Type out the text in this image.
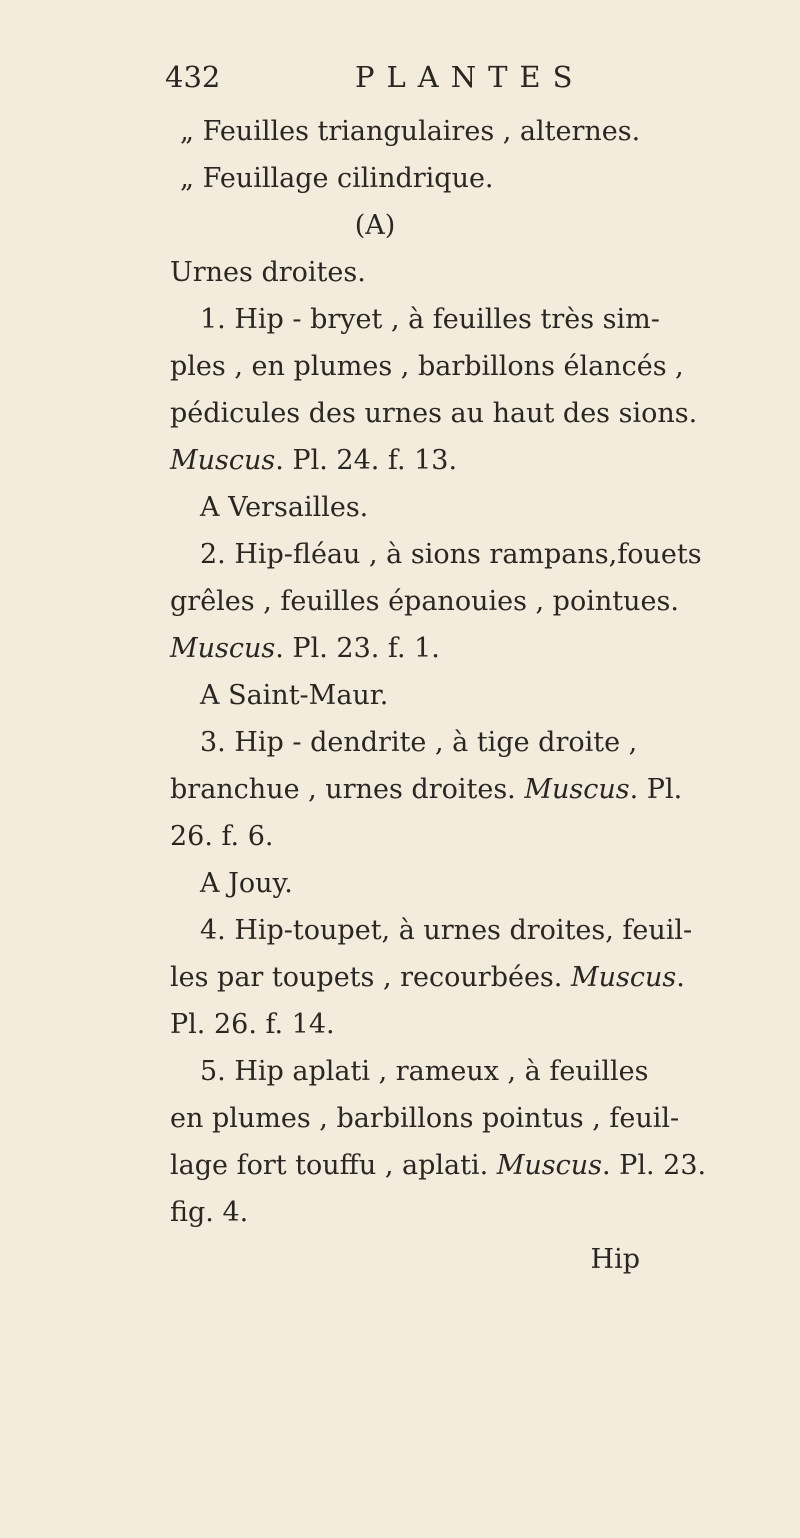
432	PLANTES
„ Feuilles triangulaires , alternes.
„ Feuillage cilindrique.
(A)
Urnes droites.
1. Hip - bryet , à feuilles très sim-
ples , en plumes , barbillons élancés ,
pédicules des urnes au haut des sions.
Muscus. Pl. 24. f. 13.
A Versailles.
2. Hip-fléau , à sions rampans,fouets
grêles , feuilles épanouies , pointues.
Muscus. Pl. 23. f. 1.
A Saint-Maur.
3. Hip - dendrite , à tige droite ,
branchue , urnes droites. Muscus. Pl.
26. f. 6.
A Jouy.
4. Hip-toupet, à urnes droites, feuil-
les par toupets , recourbées. Muscus.
Pl. 26. f. 14.
5. Hip aplati , rameux , à feuilles
en plumes , barbillons pointus , feuil-
lage fort touffu , aplati. Muscus. Pl. 23.
fig. 4.
Hip
